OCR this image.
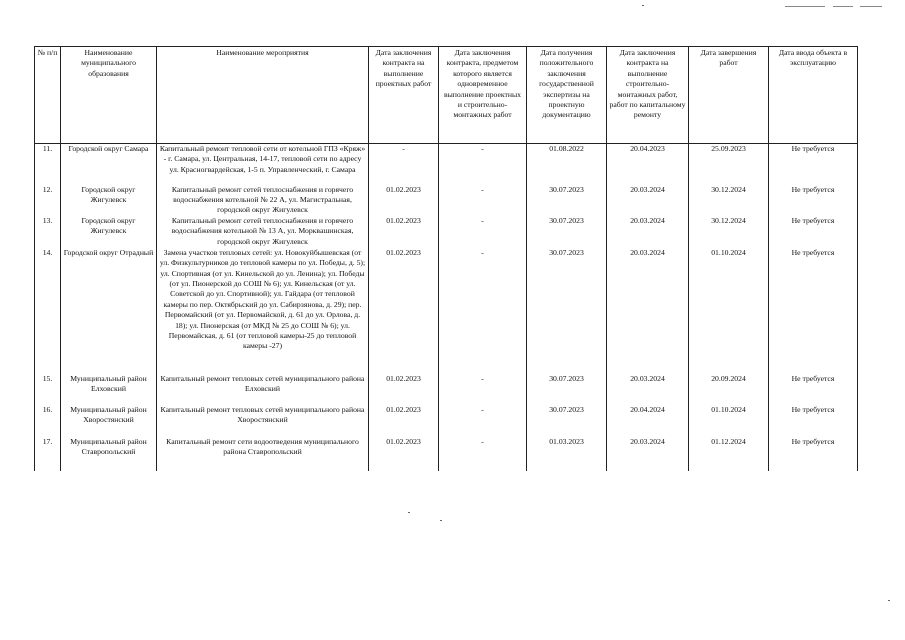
№ п/п	Наименование муниципального образования	Наименование мероприятия	Дата заключения контракта на выполнение проектных работ	Дата заключения контракта, предметом которого является одновременное выполнение проектных и строительно-монтажных работ	Дата получения положительного заключения государственной экспертизы на проектную документацию	Дата заключения контракта на выполнение строительно-монтажных работ, работ по капитальному ремонту	Дата завершения работ	Дата ввода объекта в эксплуатацию
11.	Городской округ Самара	Капитальный ремонт тепловой сети от котельной ГПЗ «Кряж» - г. Самара, ул. Центральная, 14-17, тепловой сети по адресу ул. Красногвардейская, 1-5 п. Управленческий, г. Самара	-	-	01.08.2022	20.04.2023	25.09.2023	Не требуется
12.	Городской округ Жигулевск	Капитальный ремонт сетей теплоснабжения и горячего водоснабжения котельной № 22 А, ул. Магистральная, городской округ Жигулевск	01.02.2023	-	30.07.2023	20.03.2024	30.12.2024	Не требуется
13.	Городской округ Жигулевск	Капитальный ремонт сетей теплоснабжения и горячего водоснабжения котельной № 13 А, ул. Морквашинская, городской округ Жигулевск	01.02.2023	-	30.07.2023	20.03.2024	30.12.2024	Не требуется
14.	Городской округ Отрадный	Замена участков тепловых сетей: ул. Новокуйбышевская (от ул. Физкультурников до тепловой камеры по ул. Победы, д. 5); ул. Спортивная (от ул. Кинельской до ул. Ленина); ул. Победы (от ул. Пионерской до СОШ № 6); ул. Кинельская (от ул. Советской до ул. Спортивной); ул. Гайдара (от тепловой камеры по пер. Октябрьский до ул. Сабирзянова, д. 29); пер. Первомайский (от ул. Первомайской, д. 61 до ул. Орлова, д. 18); ул. Пионерская (от МКД № 25 до СОШ № 6); ул. Первомайская, д. 61 (от тепловой камеры-25 до тепловой камеры -27)	01.02.2023	-	30.07.2023	20.03.2024	01.10.2024	Не требуется
15.	Муниципальный район Елховский	Капитальный ремонт тепловых сетей муниципального района Елховский	01.02.2023	-	30.07.2023	20.03.2024	20.09.2024	Не требуется
16.	Муниципальный район Хворостянский	Капитальный ремонт тепловых сетей муниципального района Хворостянский	01.02.2023	-	30.07.2023	20.04.2024	01.10.2024	Не требуется
17.	Муниципальный район Ставропольский	Капитальный ремонт сети водоотведения муниципального района Ставропольский	01.02.2023	-	01.03.2023	20.03.2024	01.12.2024	Не требуется
